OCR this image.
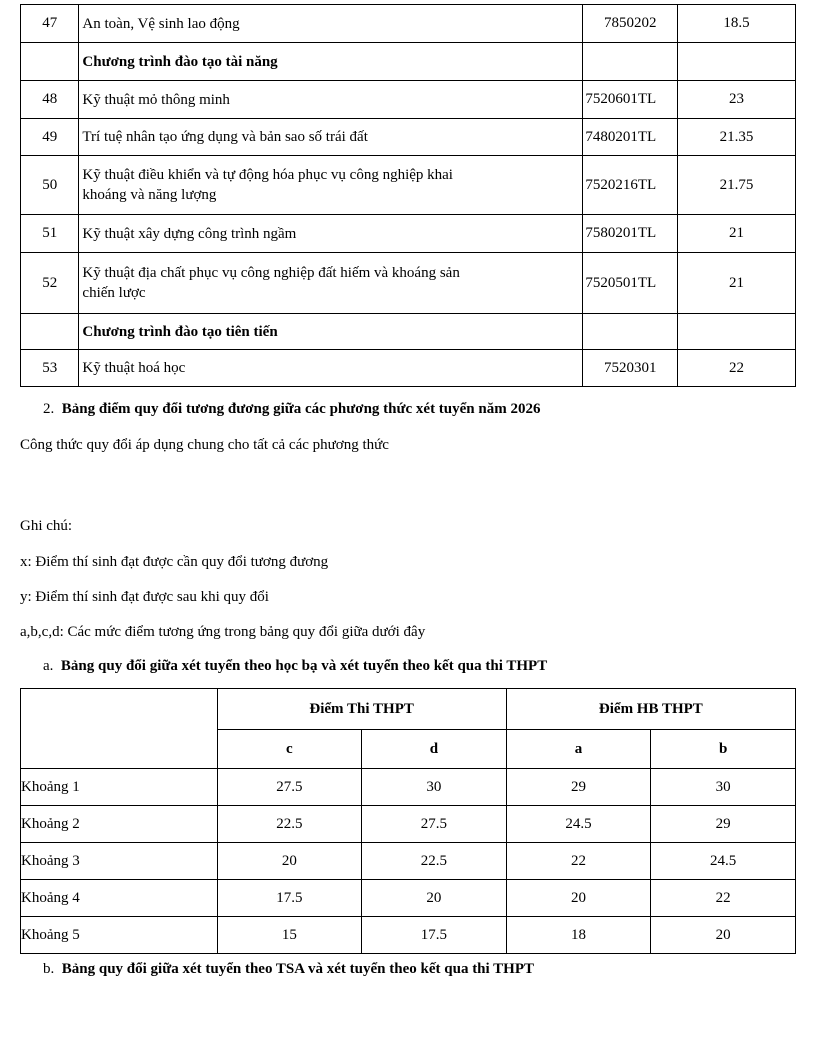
47	An toàn, Vệ sinh lao động	7850202	18.5
	Chương trình đào tạo tài năng		
48	Kỹ thuật mỏ thông minh	7520601TL	23
49	Trí tuệ nhân tạo ứng dụng và bản sao số trái đất	7480201TL	21.35
50	Kỹ thuật điều khiển và tự động hóa phục vụ công nghiệp khai
khoáng và năng lượng	7520216TL	21.75
51	Kỹ thuật xây dựng công trình ngầm	7580201TL	21
52	Kỹ thuật địa chất phục vụ công nghiệp đất hiếm và khoáng sản
chiến lược	7520501TL	21
	Chương trình đào tạo tiên tiến		
53	Kỹ thuật hoá học	7520301	22
2. Bảng điểm quy đổi tương đương giữa các phương thức xét tuyển năm 2026
Công thức quy đổi áp dụng chung cho tất cả các phương thức
Ghi chú:
x: Điểm thí sinh đạt được cần quy đổi tương đương
y: Điểm thí sinh đạt được sau khi quy đổi
a,b,c,d: Các mức điểm tương ứng trong bảng quy đổi giữa dưới đây
a. Bảng quy đổi giữa xét tuyển theo học bạ và xét tuyển theo kết qua thi THPT
	Điểm Thi THPT		Điểm HB THPT	
	c	d	a	b
Khoảng 1	27.5	30	29	30
Khoảng 2	22.5	27.5	24.5	29
Khoảng 3	20	22.5	22	24.5
Khoảng 4	17.5	20	20	22
Khoảng 5	15	17.5	18	20
b. Bảng quy đổi giữa xét tuyển theo TSA và xét tuyển theo kết qua thi THPT
